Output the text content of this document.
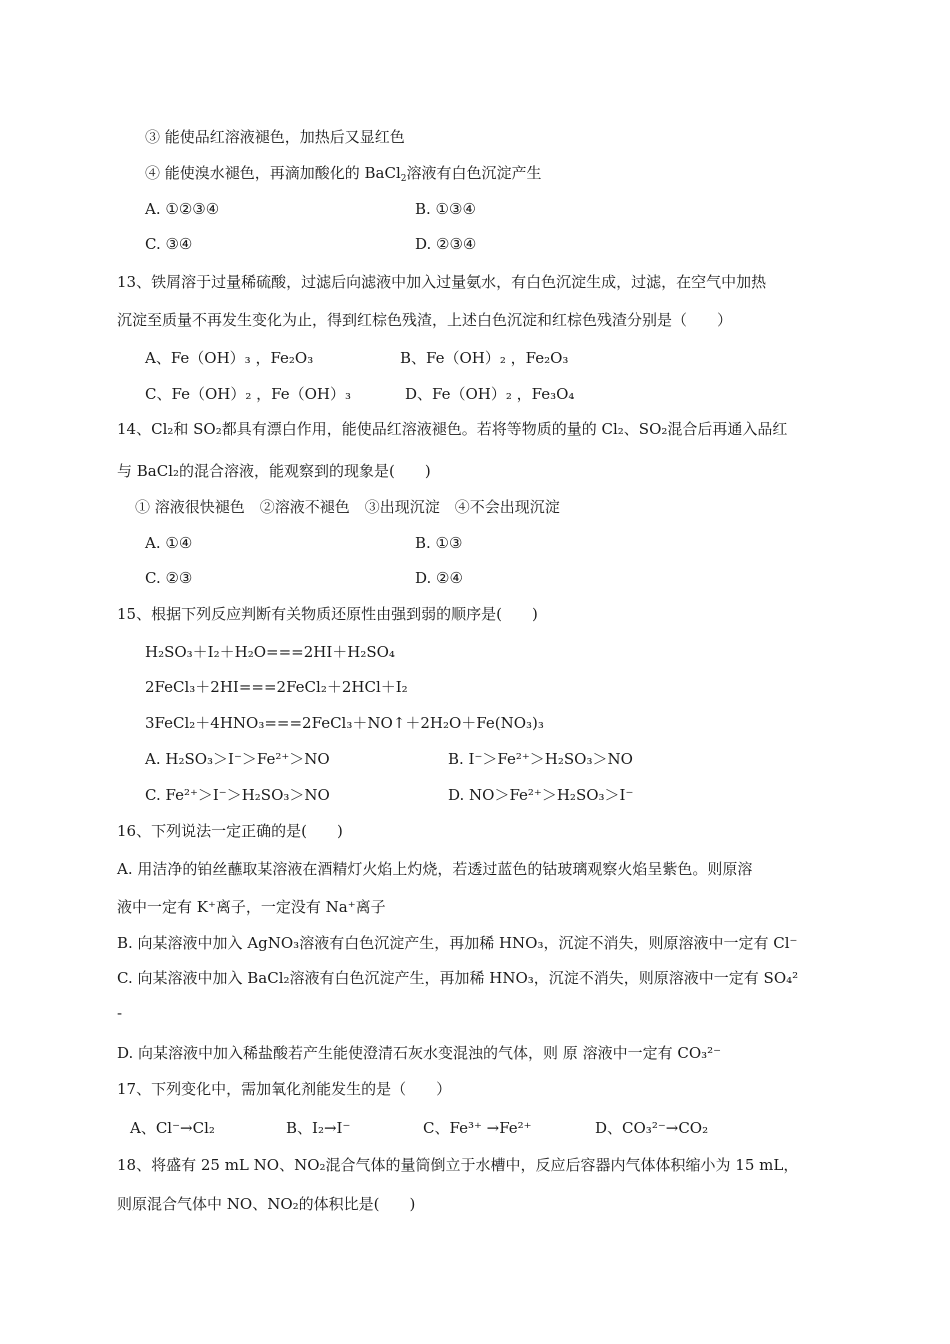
③ 能使品红溶液褪色，加热后又显红色
④ 能使溴水褪色，再滴加酸化的 BaCl$_2$溶液有白色沉淀产生
A. ①②③④	B. ①③④
C. ③④	D. ②③④
13、铁屑溶于过量稀硫酸，过滤后向滤液中加入过量氨水，有白色沉淀生成，过滤，在空气中加热
沉淀至质量不再发生变化为止，得到红棕色残渣，上述白色沉淀和红棕色残渣分别是（　　）
A、Fe（OH）₃ ，Fe₂O₃	B、Fe（OH）₂ ，Fe₂O₃
C、Fe（OH）₂ ，Fe（OH）₃	D、Fe（OH）₂ ，Fe₃O₄
14、Cl₂和 SO₂都具有漂白作用，能使品红溶液褪色。若将等物质的量的 Cl₂、SO₂混合后再通入品红
与 BaCl₂的混合溶液，能观察到的现象是(　　)
① 溶液很快褪色　②溶液不褪色　③出现沉淀　④不会出现沉淀
A. ①④	B. ①③
C. ②③	D. ②④
15、根据下列反应判断有关物质还原性由强到弱的顺序是(　　)
H₂SO₃＋I₂＋H₂O===2HI＋H₂SO₄
2FeCl₃＋2HI===2FeCl₂＋2HCl＋I₂
3FeCl₂＋4HNO₃===2FeCl₃＋NO↑＋2H₂O＋Fe(NO₃)₃
A. H₂SO₃＞I⁻＞Fe²⁺＞NO	B. I⁻＞Fe²⁺＞H₂SO₃＞NO
C. Fe²⁺＞I⁻＞H₂SO₃＞NO	D. NO＞Fe²⁺＞H₂SO₃＞I⁻
16、下列说法一定正确的是(　　)
A. 用洁净的铂丝蘸取某溶液在酒精灯火焰上灼烧，若透过蓝色的钴玻璃观察火焰呈紫色。则原溶
液中一定有 K⁺离子，一定没有 Na⁺离子
B. 向某溶液中加入 AgNO₃溶液有白色沉淀产生，再加稀 HNO₃，沉淀不消失，则原溶液中一定有 Cl⁻
C. 向某溶液中加入 BaCl₂溶液有白色沉淀产生，再加稀 HNO₃，沉淀不消失，则原溶液中一定有 SO₄²
-
D. 向某溶液中加入稀盐酸若产生能使澄清石灰水变混浊的气体，则 原 溶液中一定有 CO₃²⁻
17、下列变化中，需加氧化剂能发生的是（　　）
A、Cl⁻→Cl₂	B、I₂→I⁻	C、Fe³⁺ →Fe²⁺	D、CO₃²⁻→CO₂
18、将盛有 25 mL NO、NO₂混合气体的量筒倒立于水槽中，反应后容器内气体体积缩小为 15 mL，
则原混合气体中 NO、NO₂的体积比是(　　)
